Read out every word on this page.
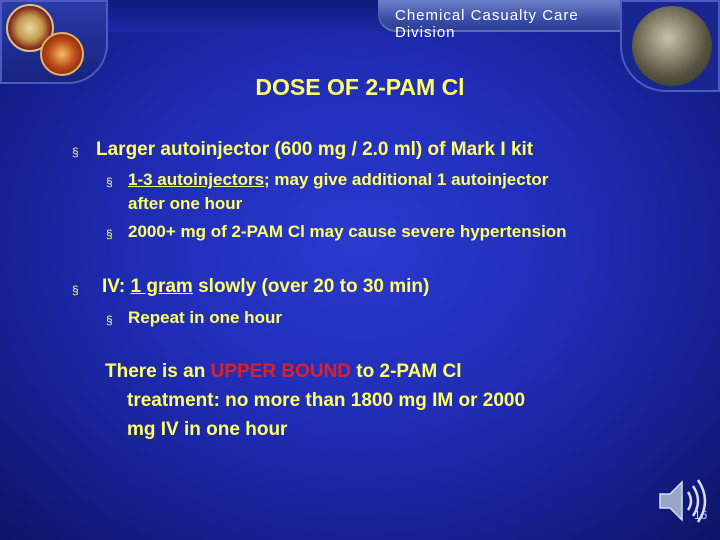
Chemical Casualty Care Division
DOSE OF 2-PAM Cl
§ Larger autoinjector (600 mg / 2.0 ml) of Mark I kit
§ 1-3 autoinjectors; may give additional 1 autoinjector
after one hour
§ 2000+ mg of 2-PAM Cl may cause severe hypertension
§ IV: 1 gram slowly (over 20 to 30 min)
§ Repeat in one hour
There is an UPPER BOUND to 2-PAM Cl
treatment: no more than 1800 mg IM or 2000
mg IV in one hour
16
